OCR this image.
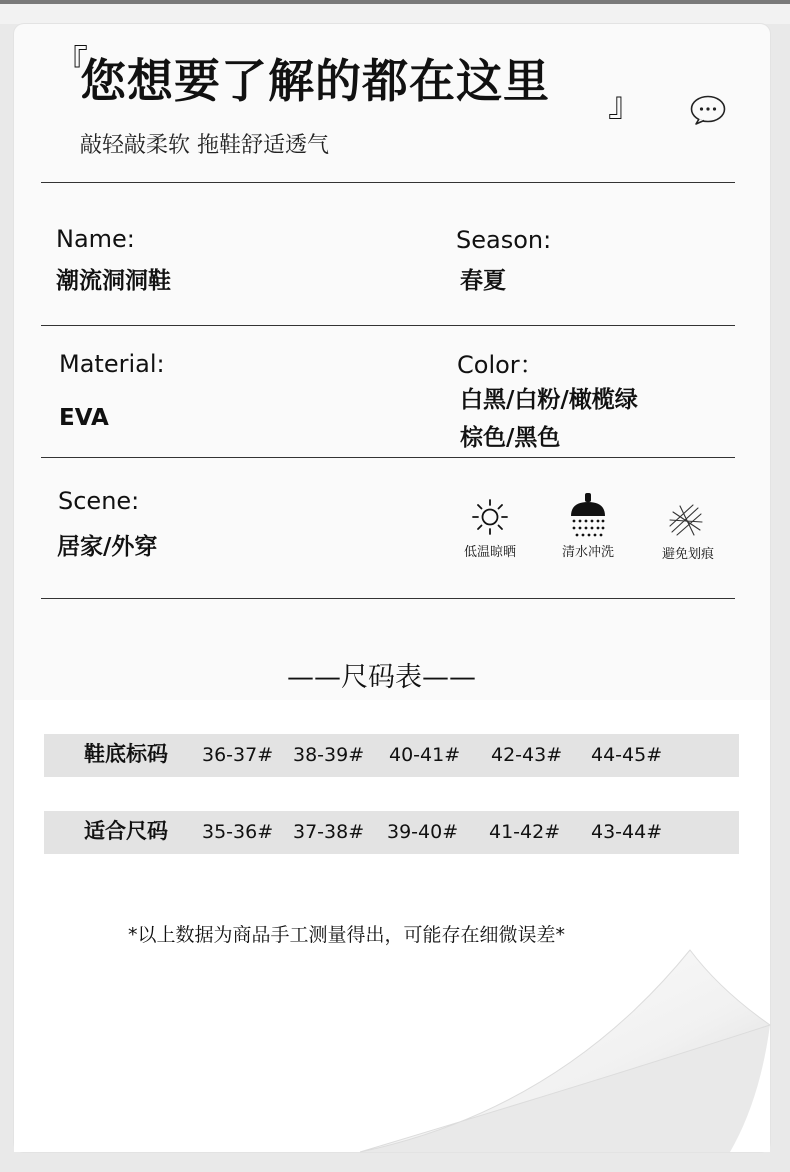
『
您想要了解的都在这里 』
敲轻敲柔软 拖鞋舒适透气
Name:
潮流洞洞鞋
Season:
春夏
Material:
EVA
Color：
白黑/白粉/橄榄绿
棕色/黑色
Scene:
居家/外穿	低温晾晒	清水冲洗	避免划痕
——尺码表——
鞋底标码 36-37# 38-39# 40-41# 42-43# 44-45#
适合尺码 35-36# 37-38# 39-40# 41-42# 43-44#
*以上数据为商品手工测量得出，可能存在细微误差*
